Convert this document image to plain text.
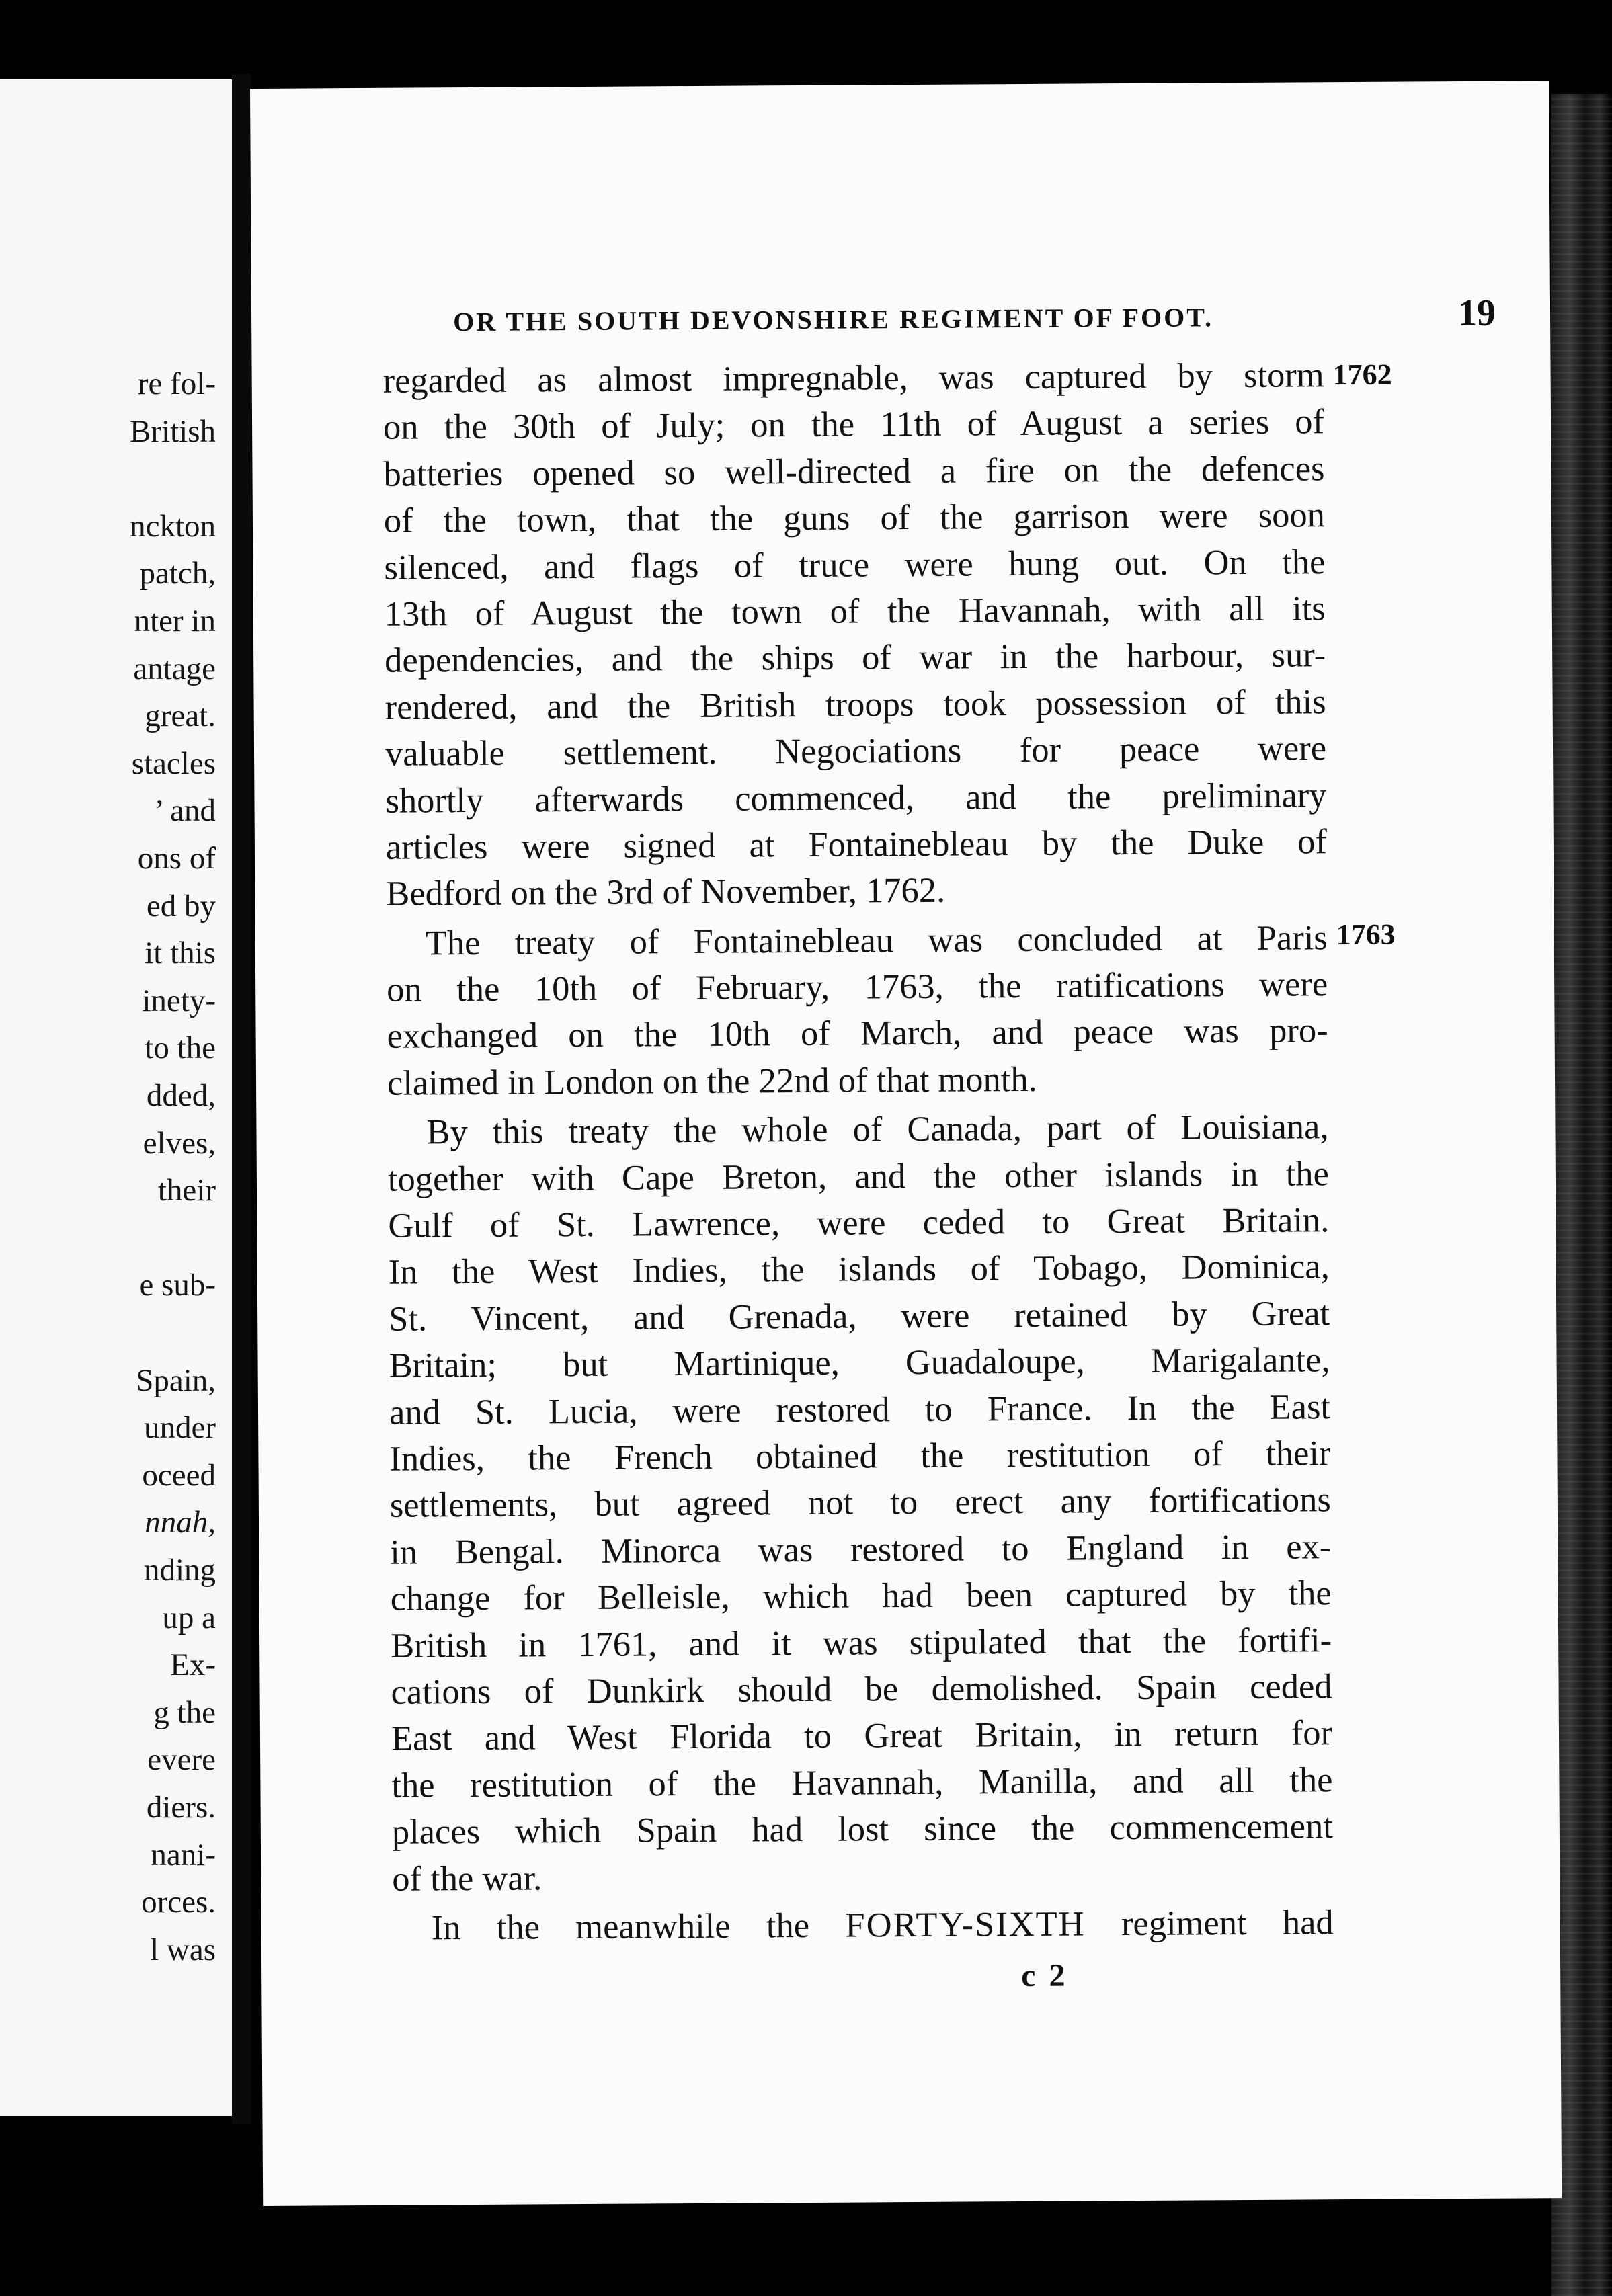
re fol-
British
nckton
patch,
nter in
antage
great.
stacles
’ and
ons of
ed by
it this
inety-
to the
dded,
elves,
their
e sub-
Spain,
under
oceed
nnah,
nding
up a
Ex-
g the
evere
diers.
nani-
orces.
l was
OR THE SOUTH DEVONSHIRE REGIMENT OF FOOT.	19
1762
1763
regarded as almost impregnable, was captured by storm
on the 30th of July; on the 11th of August a series of
batteries opened so well-directed a fire on the defences
of the town, that the guns of the garrison were soon
silenced, and flags of truce were hung out. On the
13th of August the town of the Havannah, with all its
dependencies, and the ships of war in the harbour, sur-
rendered, and the British troops took possession of this
valuable settlement. Negociations for peace were
shortly afterwards commenced, and the preliminary
articles were signed at Fontainebleau by the Duke of
Bedford on the 3rd of November, 1762.
The treaty of Fontainebleau was concluded at Paris
on the 10th of February, 1763, the ratifications were
exchanged on the 10th of March, and peace was pro-
claimed in London on the 22nd of that month.
By this treaty the whole of Canada, part of Louisiana,
together with Cape Breton, and the other islands in the
Gulf of St. Lawrence, were ceded to Great Britain.
In the West Indies, the islands of Tobago, Dominica,
St. Vincent, and Grenada, were retained by Great
Britain; but Martinique, Guadaloupe, Marigalante,
and St. Lucia, were restored to France. In the East
Indies, the French obtained the restitution of their
settlements, but agreed not to erect any fortifications
in Bengal. Minorca was restored to England in ex-
change for Belleisle, which had been captured by the
British in 1761, and it was stipulated that the fortifi-
cations of Dunkirk should be demolished. Spain ceded
East and West Florida to Great Britain, in return for
the restitution of the Havannah, Manilla, and all the
places which Spain had lost since the commencement
of the war.
In the meanwhile the FORTY-SIXTH regiment had
c 2
